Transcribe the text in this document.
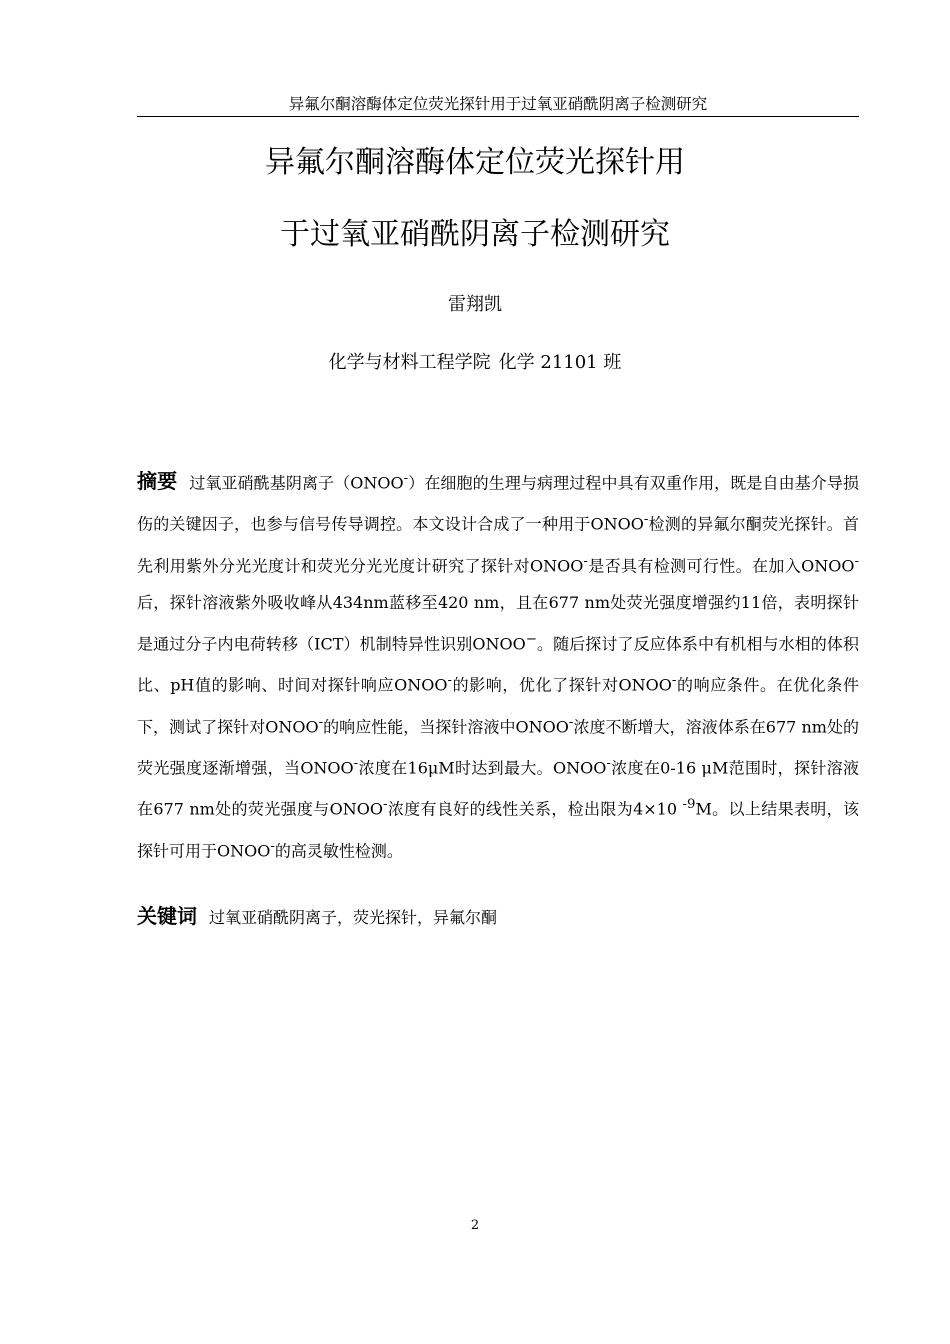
异氟尔酮溶酶体定位荧光探针用于过氧亚硝酰阴离子检测研究
异氟尔酮溶酶体定位荧光探针用
于过氧亚硝酰阴离子检测研究
雷翔凯
化学与材料工程学院 化学 21101 班
摘要 过氧亚硝酰基阴离子（ONOO-）在细胞的生理与病理过程中具有双重作用，既是自由基介导损伤的关键因子，也参与信号传导调控。本文设计合成了一种用于ONOO-检测的异氟尔酮荧光探针。首先利用紫外分光光度计和荧光分光光度计研究了探针对ONOO-是否具有检测可行性。在加入ONOO-后，探针溶液紫外吸收峰从434nm蓝移至420 nm，且在677 nm处荧光强度增强约11倍，表明探针是通过分子内电荷转移（ICT）机制特异性识别ONOO−。随后探讨了反应体系中有机相与水相的体积比、pH值的影响、时间对探针响应ONOO-的影响，优化了探针对ONOO-的响应条件。在优化条件下，测试了探针对ONOO-的响应性能，当探针溶液中ONOO-浓度不断增大，溶液体系在677 nm处的荧光强度逐渐增强，当ONOO-浓度在16μM时达到最大。ONOO-浓度在0-16 μM范围时，探针溶液在677 nm处的荧光强度与ONOO-浓度有良好的线性关系，检出限为4×10 $^{-9}$M。以上结果表明，该探针可用于ONOO-的高灵敏性检测。
关键词 过氧亚硝酰阴离子，荧光探针，异氟尔酮
2
